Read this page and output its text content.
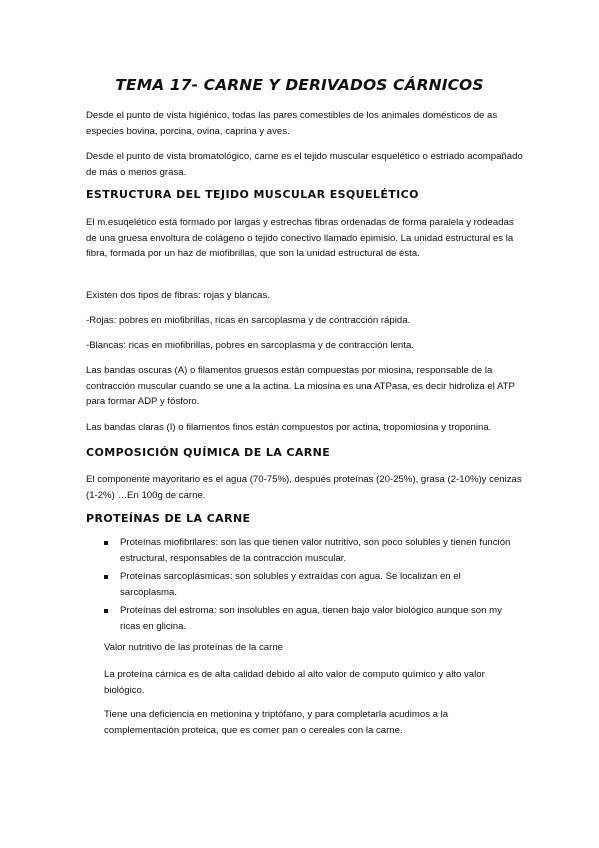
TEMA 17- CARNE Y DERIVADOS CÁRNICOS

Desde el punto de vista higiénico, todas las pares comestibles de los animales domésticos de as especies bovina, porcina, ovina, caprina y aves.

Desde el punto de vista bromatológico, carne es el tejido muscular esquelético o estriado acompañado de más o menos grasa.

ESTRUCTURA DEL TEJIDO MUSCULAR ESQUELÉTICO

El m.esuqelético está formado por largas y estrechas fibras ordenadas de forma paralela y rodeadas de una gruesa envoltura de colágeno o tejido conectivo llamado epimisio. La unidad estructural es la fibra, formada por un haz de miofibrillas, que son la unidad estructural de ésta.

Existen dos tipos de fibras: rojas y blancas.

-Rojas: pobres en miofibrillas, ricas en sarcoplasma y de contracción rápida.

-Blancas: ricas en miofibrillas, pobres en sarcoplasma y de contracción lenta.

Las bandas oscuras (A) o filamentos gruesos están compuestas por miosina, responsable de la contracción muscular cuando se une a la actina. La miosina es una ATPasa, es decir hidroliza el ATP para formar ADP y fósforo.

Las bandas claras (I) o filamentos finos están compuestos por actina, tropomiosina y troponina.

COMPOSICIÓN QUÍMICA DE LA CARNE

El componente mayoritario es el agua (70-75%), después proteínas (20-25%), grasa (2-10%)y cenizas (1-2%) …En 100g de carne.

PROTEÍNAS DE LA CARNE
Proteínas miofibrilares: son las que tienen valor nutritivo, son poco solubles y tienen función estructural, responsables de la contracción muscular.
Proteínas sarcoplásmicas: son solubles y extraídas con agua. Se localizan en el sarcoplasma.
Proteínas del estroma: son insolubles en agua, tienen bajo valor biológico aunque son my ricas en glicina.

Valor nutritivo de las proteínas de la carne

La proteína cárnica es de alta calidad debido al alto valor de computo químico y alto valor biológico.

Tiene una deficiencia en metionina y triptófano, y para completarla acudimos a la complementación proteica, que es comer pan o cereales con la carne.
